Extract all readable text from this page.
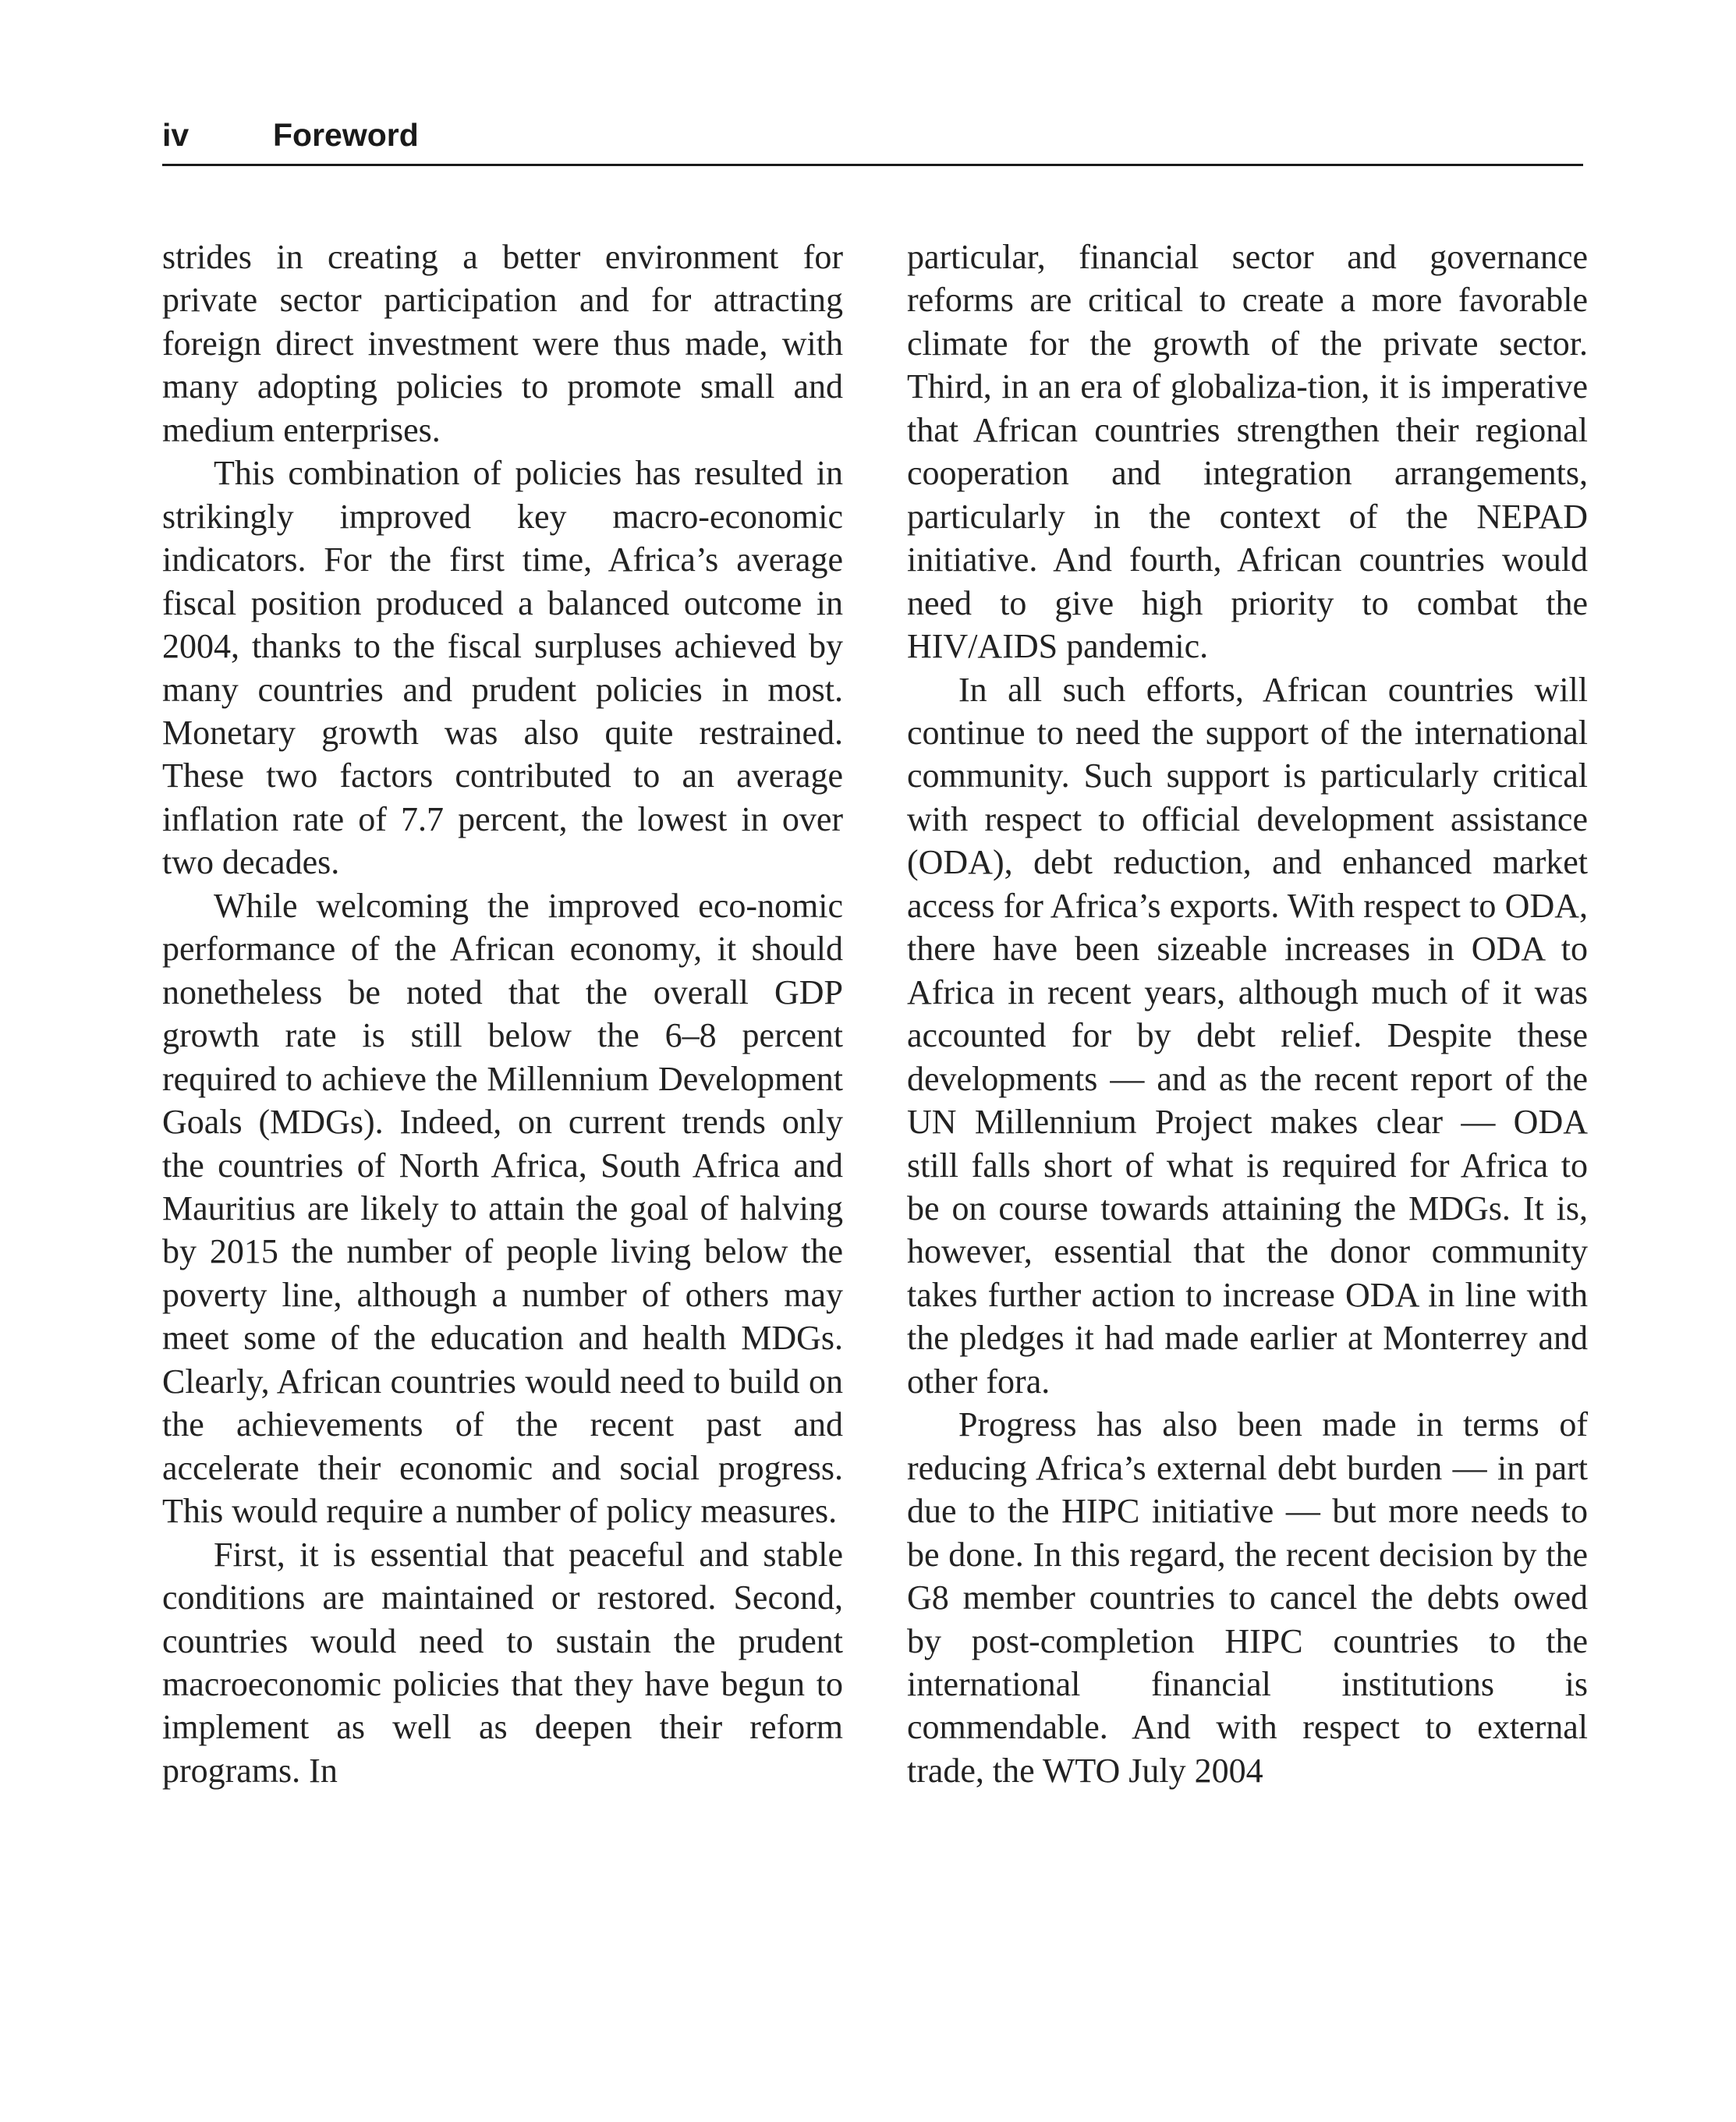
iv	Foreword

strides in creating a better environment for private sector participation and for attracting foreign direct investment were thus made, with many adopting policies to promote small and medium enterprises.

This combination of policies has resulted in strikingly improved key macro-economic indicators. For the first time, Africa’s average fiscal position produced a balanced outcome in 2004, thanks to the fiscal surpluses achieved by many countries and prudent policies in most. Monetary growth was also quite restrained. These two factors contributed to an average inflation rate of 7.7 percent, the lowest in over two decades.

While welcoming the improved eco-nomic performance of the African economy, it should nonetheless be noted that the overall GDP growth rate is still below the 6–8 percent required to achieve the Millennium Development Goals (MDGs). Indeed, on current trends only the countries of North Africa, South Africa and Mauritius are likely to attain the goal of halving by 2015 the number of people living below the poverty line, although a number of others may meet some of the education and health MDGs. Clearly, African countries would need to build on the achievements of the recent past and accelerate their economic and social progress. This would require a number of policy measures.

First, it is essential that peaceful and stable conditions are maintained or restored. Second, countries would need to sustain the prudent macroeconomic policies that they have begun to implement as well as deepen their reform programs. In

particular, financial sector and governance reforms are critical to create a more favorable climate for the growth of the private sector. Third, in an era of globaliza-tion, it is imperative that African countries strengthen their regional cooperation and integration arrangements, particularly in the context of the NEPAD initiative. And fourth, African countries would need to give high priority to combat the HIV/AIDS pandemic.

In all such efforts, African countries will continue to need the support of the international community. Such support is particularly critical with respect to official development assistance (ODA), debt reduction, and enhanced market access for Africa’s exports. With respect to ODA, there have been sizeable increases in ODA to Africa in recent years, although much of it was accounted for by debt relief. Despite these developments — and as the recent report of the UN Millennium Project makes clear — ODA still falls short of what is required for Africa to be on course towards attaining the MDGs. It is, however, essential that the donor community takes further action to increase ODA in line with the pledges it had made earlier at Monterrey and other fora.

Progress has also been made in terms of reducing Africa’s external debt burden — in part due to the HIPC initiative — but more needs to be done. In this regard, the recent decision by the G8 member countries to cancel the debts owed by post-completion HIPC countries to the international financial institutions is commendable. And with respect to external trade, the WTO July 2004
